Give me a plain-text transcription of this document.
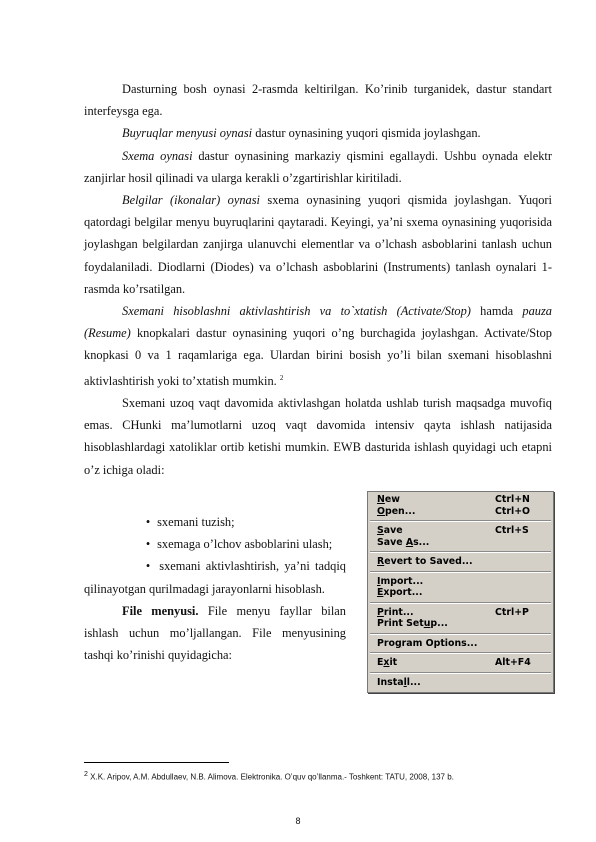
Dasturning bosh oynasi 2-rasmda keltirilgan. Ko’rinib turganidek, dastur standart interfeysga ega.

Buyruqlar menyusi oynasi dastur oynasining yuqori qismida joylashgan.

Sxema oynasi dastur oynasining markaziy qismini egallaydi. Ushbu oynada elektr zanjirlar hosil qilinadi va ularga kerakli o’zgartirishlar kiritiladi.

Belgilar (ikonalar) oynasi sxema oynasining yuqori qismida joylashgan. Yuqori qatordagi belgilar menyu buyruqlarini qaytaradi. Keyingi, ya’ni sxema oynasining yuqorisida joylashgan belgilardan zanjirga ulanuvchi elementlar va o’lchash asboblarini tanlash uchun foydalaniladi. Diodlarni (Diodes) va o’lchash asboblarini (Instruments) tanlash oynalari 1-rasmda ko’rsatilgan.

Sxemani hisoblashni aktivlashtirish va to`xtatish (Activate/Stop) hamda pauza (Resume) knopkalari dastur oynasining yuqori o’ng burchagida joylashgan. Activate/Stop knopkasi 0 va 1 raqamlariga ega. Ulardan birini bosish yo’li bilan sxemani hisoblashni aktivlashtirish yoki to’xtatish mumkin. $^2$

Sxemani uzoq vaqt davomida aktivlashgan holatda ushlab turish maqsadga muvofiq emas. CHunki ma’lumotlarni uzoq vaqt davomida intensiv qayta ishlash natijasida hisoblashlardagi xatoliklar ortib ketishi mumkin. EWB dasturida ishlash quyidagi uch etapni o’z ichiga oladi:

• sxemani tuzish;
• sxemaga o’lchov asboblarini ulash;
• sxemani aktivlashtirish, ya’ni tadqiq qilinayotgan qurilmadagi jarayonlarni hisoblash.

File menyusi. File menyu fayllar bilan ishlash uchun mo’ljallangan. File menyusining tashqi ko’rinishi quyidagicha:

New	Ctrl+N
Open...	Ctrl+O
Save	Ctrl+S
Save As...
Revert to Saved...
Import...
Export...
Print...	Ctrl+P
Print Setup...
Program Options...
Exit	Alt+F4
Install...
$^2$ X.K. Aripov, A.M. Abdullaev, N.B. Alimova. Elektronika. O’quv qo’llanma.- Toshkent: TATU, 2008, 137 b.
8
